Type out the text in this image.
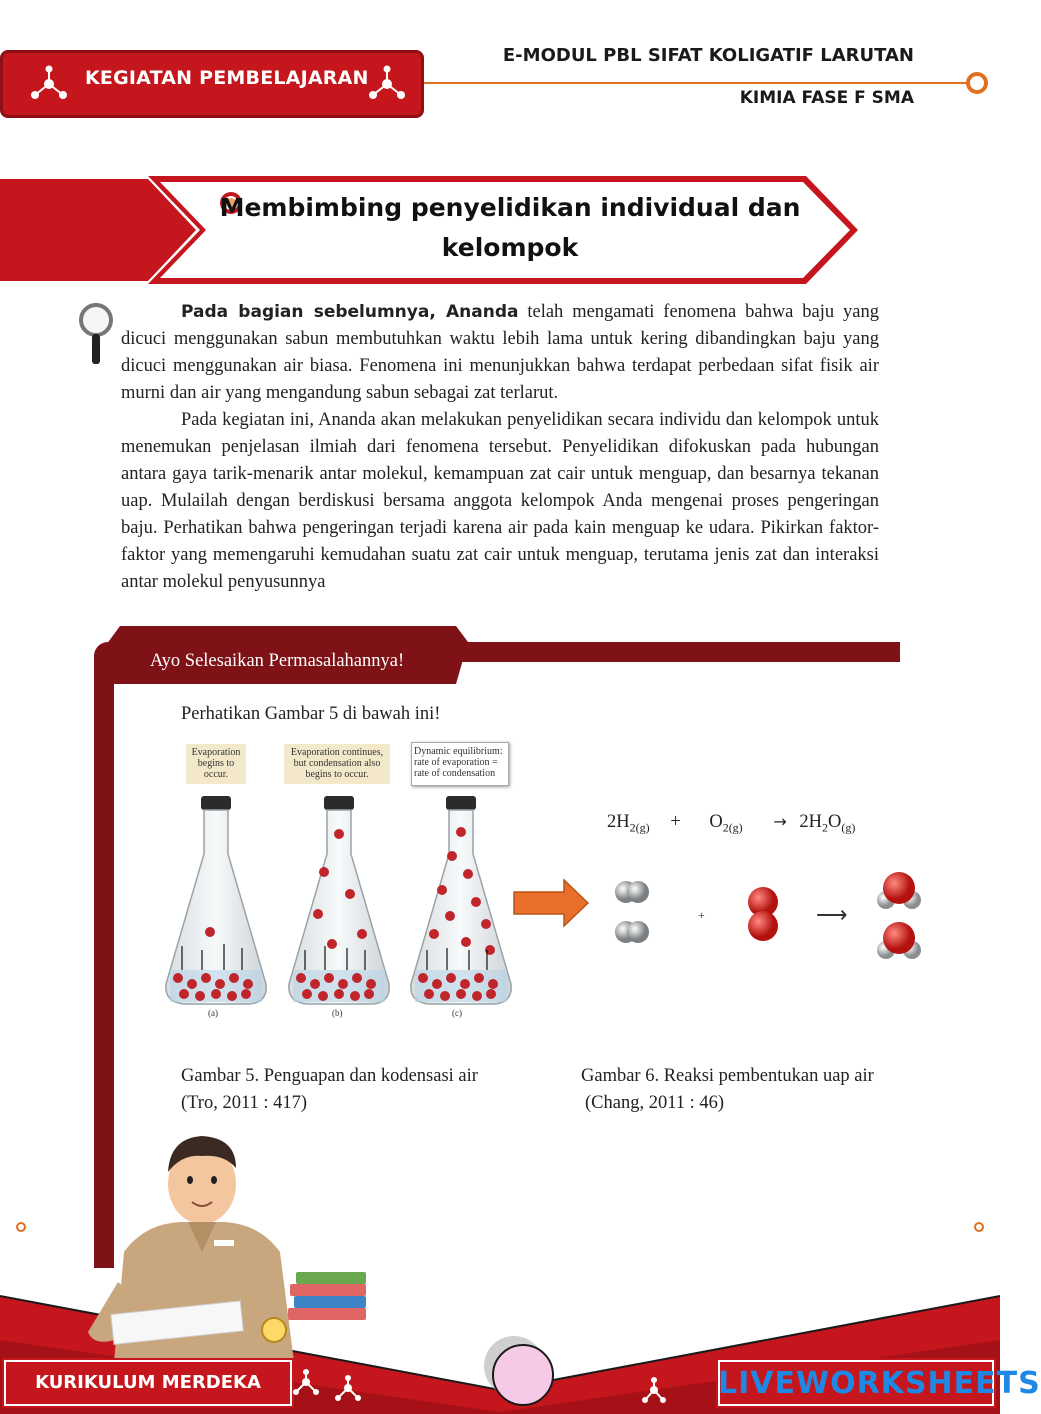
KEGIATAN PEMBELAJARAN
E-MODUL PBL SIFAT KOLIGATIF LARUTAN
KIMIA FASE F SMA
Membimbing penyelidikan individual dan
kelompok
Pada bagian sebelumnya, Ananda telah mengamati fenomena bahwa baju yang dicuci menggunakan sabun membutuhkan waktu lebih lama untuk kering dibandingkan baju yang dicuci menggunakan air biasa. Fenomena ini menunjukkan bahwa terdapat perbedaan sifat fisik air murni dan air yang mengandung sabun sebagai zat terlarut.
Pada kegiatan ini, Ananda akan melakukan penyelidikan secara individu dan kelompok untuk menemukan penjelasan ilmiah dari fenomena tersebut. Penyelidikan difokuskan pada hubungan antara gaya tarik-menarik antar molekul, kemampuan zat cair untuk menguap, dan besarnya tekanan uap. Mulailah dengan berdiskusi bersama anggota kelompok Anda mengenai proses pengeringan baju. Perhatikan bahwa pengeringan terjadi karena air pada kain menguap ke udara. Pikirkan faktor-faktor yang memengaruhi kemudahan suatu zat cair untuk menguap, terutama jenis zat dan interaksi antar molekul penyusunnya
Ayo Selesaikan Permasalahannya!
Perhatikan Gambar 5 di bawah ini!
Evaporation begins to occur.
Evaporation continues, but condensation also begins to occur.
Dynamic equilibrium: rate of evaporation = rate of condensation
(a)	(b)	(c)
$2H_{2(g)} + O_{2(g)} \to 2H_2O_{(g)}$
+	⟶
Gambar 5. Penguapan dan kodensasi air
(Tro, 2011 : 417)
Gambar 6. Reaksi pembentukan uap air
(Chang, 2011 : 46)
KURIKULUM MERDEKA	LIVEWORKSHEETS
